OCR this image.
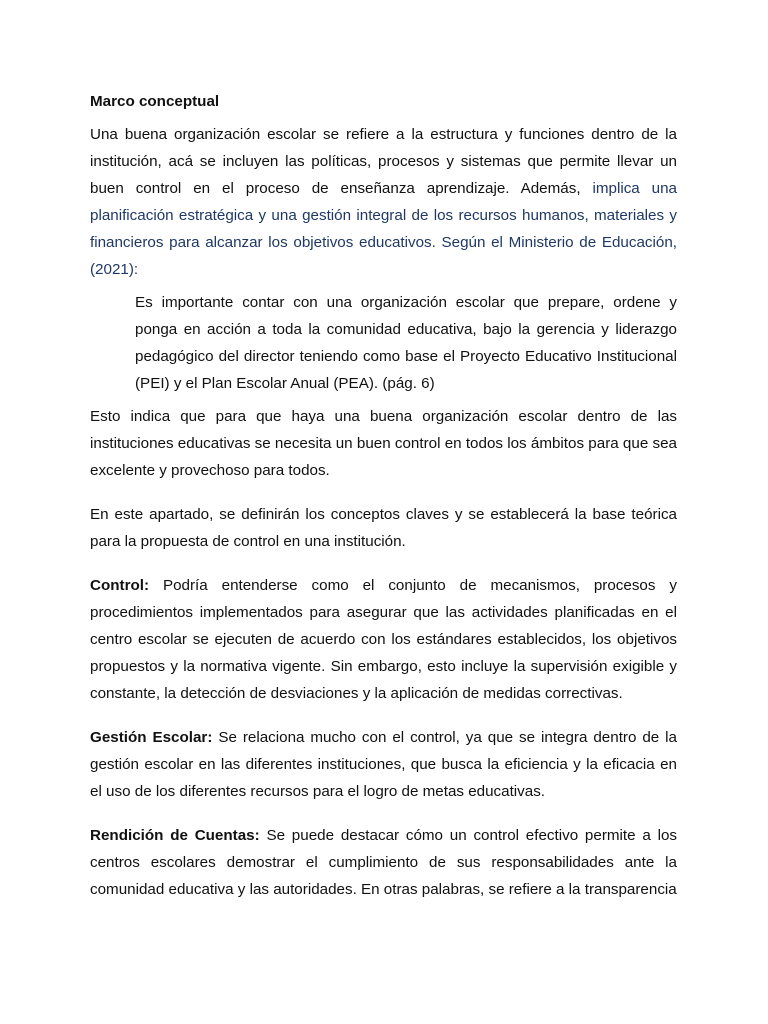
Marco conceptual

Una buena organización escolar se refiere a la estructura y funciones dentro de la institución, acá se incluyen las políticas, procesos y sistemas que permite llevar un buen control en el proceso de enseñanza aprendizaje. Además, implica una planificación estratégica y una gestión integral de los recursos humanos, materiales y financieros para alcanzar los objetivos educativos. Según el Ministerio de Educación, (2021):

Es importante contar con una organización escolar que prepare, ordene y ponga en acción a toda la comunidad educativa, bajo la gerencia y liderazgo pedagógico del director teniendo como base el Proyecto Educativo Institucional (PEI) y el Plan Escolar Anual (PEA). (pág. 6)

Esto indica que para que haya una buena organización escolar dentro de las instituciones educativas se necesita un buen control en todos los ámbitos para que sea excelente y provechoso para todos.

En este apartado, se definirán los conceptos claves y se establecerá la base teórica para la propuesta de control en una institución.

Control: Podría entenderse como el conjunto de mecanismos, procesos y procedimientos implementados para asegurar que las actividades planificadas en el centro escolar se ejecuten de acuerdo con los estándares establecidos, los objetivos propuestos y la normativa vigente. Sin embargo, esto incluye la supervisión exigible y constante, la detección de desviaciones y la aplicación de medidas correctivas.

Gestión Escolar: Se relaciona mucho con el control, ya que se integra dentro de la gestión escolar en las diferentes instituciones, que busca la eficiencia y la eficacia en el uso de los diferentes recursos para el logro de metas educativas.

Rendición de Cuentas: Se puede destacar cómo un control efectivo permite a los centros escolares demostrar el cumplimiento de sus responsabilidades ante la comunidad educativa y las autoridades. En otras palabras, se refiere a la transparencia
